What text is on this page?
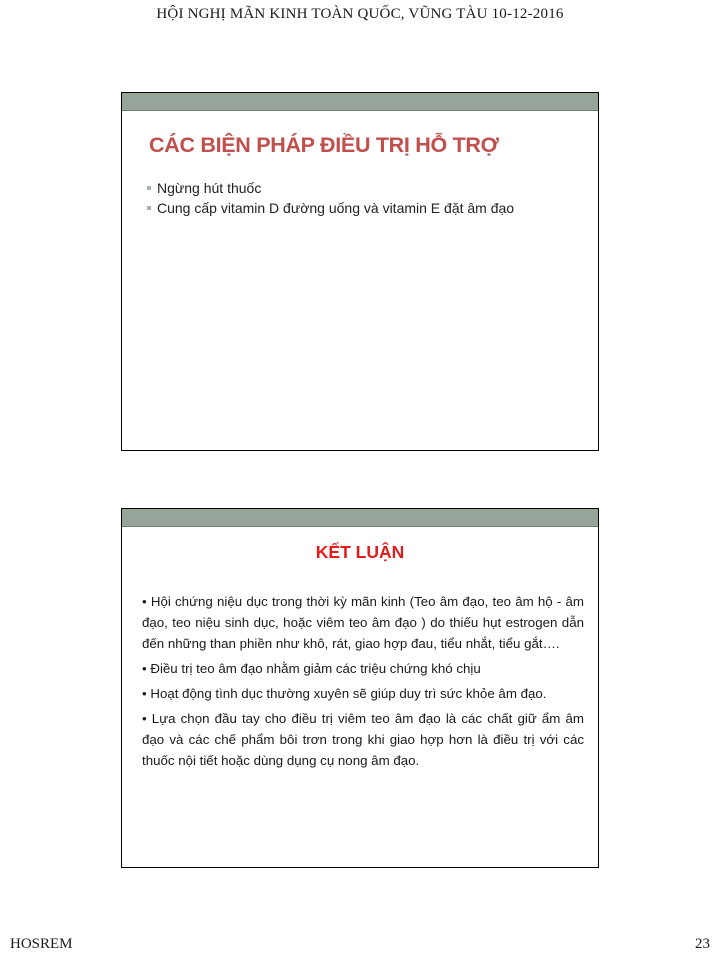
HỘI NGHỊ MÃN KINH TOÀN QUỐC, VŨNG TÀU 10-12-2016
CÁC BIỆN PHÁP ĐIỀU TRỊ HỖ TRỢ
Ngừng hút thuốc
Cung cấp vitamin D đường uống và vitamin E đặt âm đạo
KẾT LUẬN

• Hội chứng niệu dục trong thời kỳ mãn kinh (Teo âm đạo, teo âm hộ - âm đạo, teo niệu sinh dục, hoặc viêm teo âm đạo ) do thiếu hụt estrogen dẫn đến những than phiền như khô, rát, giao hợp đau, tiểu nhắt, tiểu gắt….

• Điều trị teo âm đạo nhằm giảm các triệu chứng khó chịu

• Hoạt động tình dục thường xuyên sẽ giúp duy trì sức khỏe âm đạo.

• Lựa chọn đầu tay cho điều trị viêm teo âm đạo là các chất giữ ẩm âm đạo và các chế phẩm bôi trơn trong khi giao hợp hơn là điều trị với các thuốc nội tiết hoặc dùng dụng cụ nong âm đạo.

HOSREM	23
